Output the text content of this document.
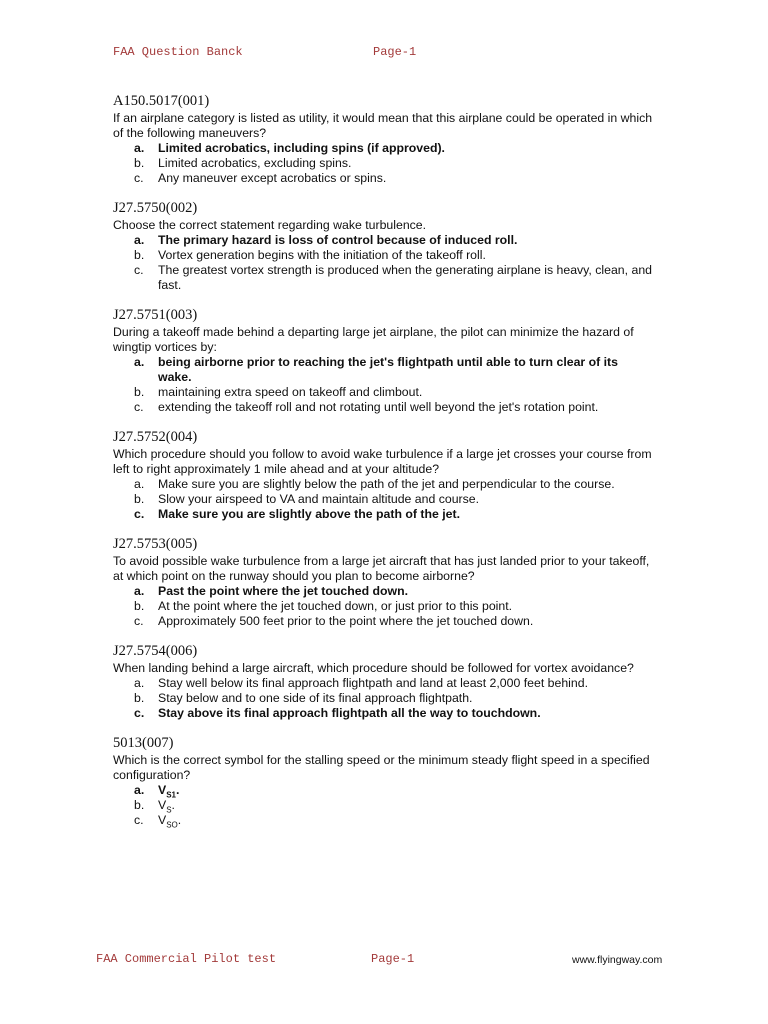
FAA Question Banck	Page-1
A150.5017(001)
If an airplane category is listed as utility, it would mean that this airplane could be operated in which of the following maneuvers?
a. Limited acrobatics, including spins (if approved).
b. Limited acrobatics, excluding spins.
c. Any maneuver except acrobatics or spins.
J27.5750(002)
Choose the correct statement regarding wake turbulence.
a. The primary hazard is loss of control because of induced roll.
b. Vortex generation begins with the initiation of the takeoff roll.
c. The greatest vortex strength is produced when the generating airplane is heavy, clean, and fast.
J27.5751(003)
During a takeoff made behind a departing large jet airplane, the pilot can minimize the hazard of wingtip vortices by:
a. being airborne prior to reaching the jet's flightpath until able to turn clear of its wake.
b. maintaining extra speed on takeoff and climbout.
c. extending the takeoff roll and not rotating until well beyond the jet's rotation point.
J27.5752(004)
Which procedure should you follow to avoid wake turbulence if a large jet crosses your course from left to right approximately 1 mile ahead and at your altitude?
a. Make sure you are slightly below the path of the jet and perpendicular to the course.
b. Slow your airspeed to VA and maintain altitude and course.
c. Make sure you are slightly above the path of the jet.
J27.5753(005)
To avoid possible wake turbulence from a large jet aircraft that has just landed prior to your takeoff, at which point on the runway should you plan to become airborne?
a. Past the point where the jet touched down.
b. At the point where the jet touched down, or just prior to this point.
c. Approximately 500 feet prior to the point where the jet touched down.
J27.5754(006)
When landing behind a large aircraft, which procedure should be followed for vortex avoidance?
a. Stay well below its final approach flightpath and land at least 2,000 feet behind.
b. Stay below and to one side of its final approach flightpath.
c. Stay above its final approach flightpath all the way to touchdown.
5013(007)
Which is the correct symbol for the stalling speed or the minimum steady flight speed in a specified configuration?
a. $V_{S1}$.
b. $V_S$.
c. $V_{SO}$.
FAA Commercial Pilot test	Page-1	www.flyingway.com
